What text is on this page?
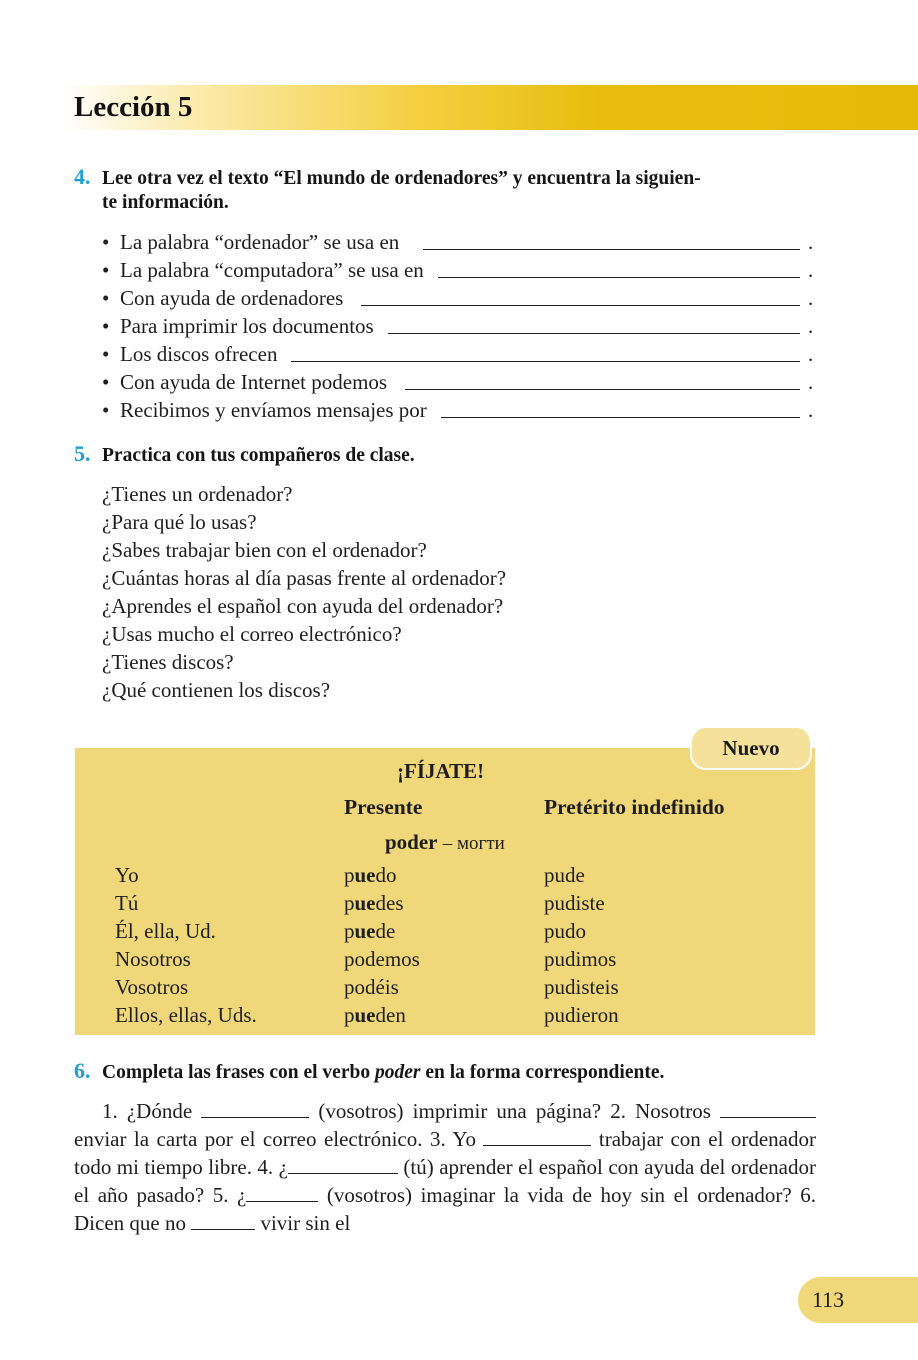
Lección 5
4. Lee otra vez el texto “El mundo de ordenadores” y encuentra la siguien-
te información.
• La palabra “ordenador” se usa en	.
• La palabra “computadora” se usa en	.
• Con ayuda de ordenadores	.
• Para imprimir los documentos	.
• Los discos ofrecen	.
• Con ayuda de Internet podemos	.
• Recibimos y envíamos mensajes por	.
5. Practica con tus compañeros de clase.
¿Tienes un ordenador?
¿Para qué lo usas?
¿Sabes trabajar bien con el ordenador?
¿Cuántas horas al día pasas frente al ordenador?
¿Aprendes el español con ayuda del ordenador?
¿Usas mucho el correo electrónico?
¿Tienes discos?
¿Qué contienen los discos?
¡FÍJATE!
Presente	Pretérito indefinido
poder – могти
Yo	puedo	pude
Tú	puedes	pudiste
Él, ella, Ud.	puede	pudo
Nosotros	podemos	pudimos
Vosotros	podéis	pudisteis
Ellos, ellas, Uds.	pueden	pudieron
Nuevo
6. Completa las frases con el verbo poder en la forma correspondiente.

1. ¿Dónde	(vosotros) imprimir una página? 2. Nosotros  enviar la carta por el correo electrónico. 3. Yo	trabajar con el ordenador todo mi tiempo libre. 4. ¿	(tú) aprender el español con ayuda del ordenador el año pasado? 5. ¿	(vosotros) imaginar la vida de hoy sin el ordenador? 6. Dicen que no	vivir sin el

113
